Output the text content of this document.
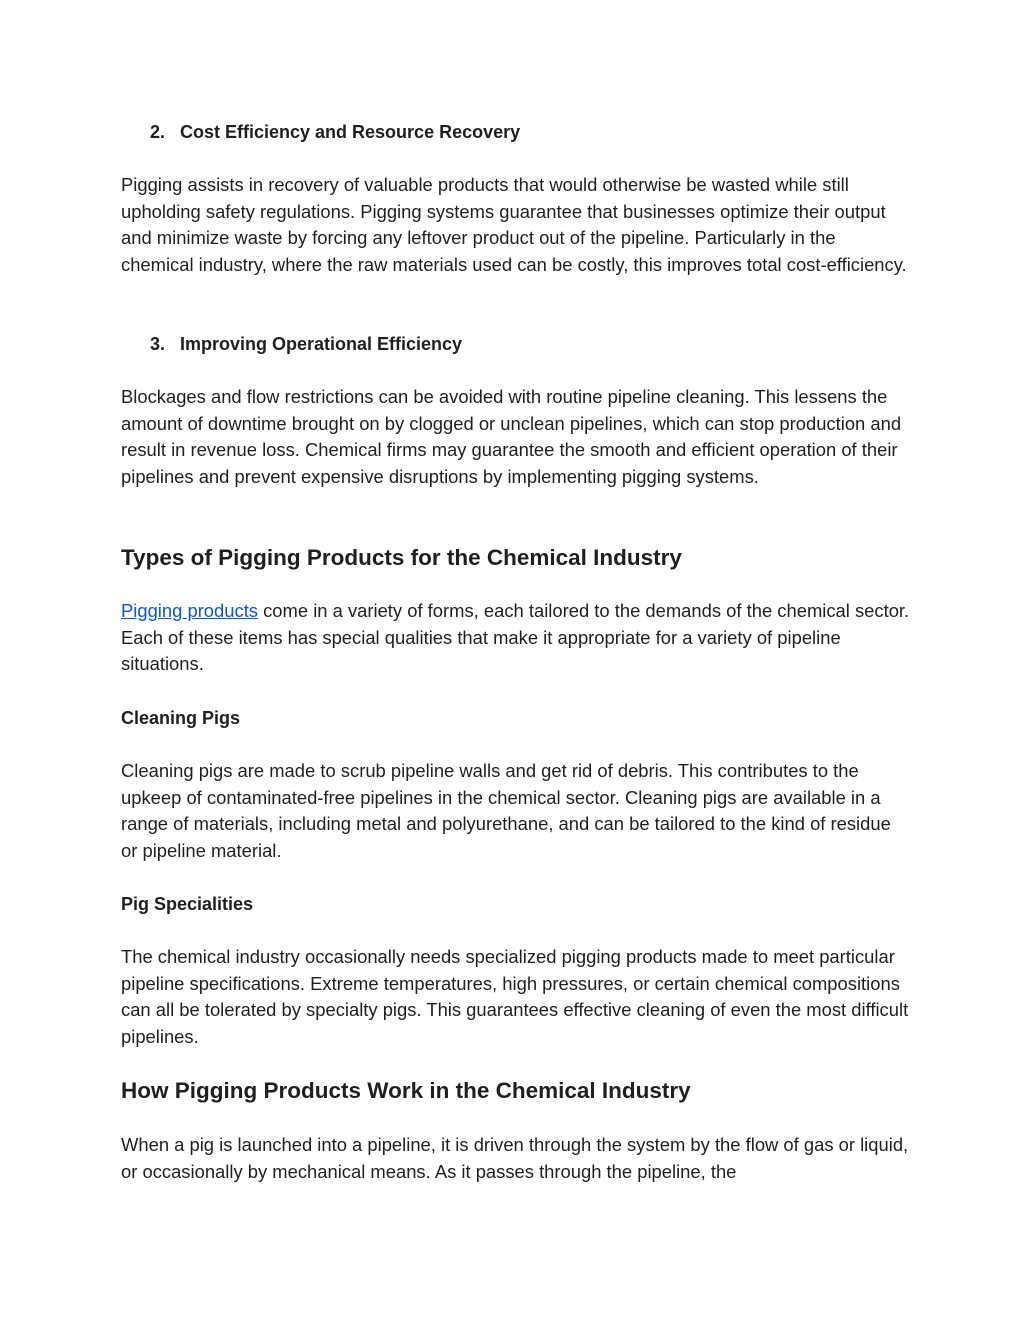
2. Cost Efficiency and Resource Recovery

Pigging assists in recovery of valuable products that would otherwise be wasted while still upholding safety regulations. Pigging systems guarantee that businesses optimize their output and minimize waste by forcing any leftover product out of the pipeline. Particularly in the chemical industry, where the raw materials used can be costly, this improves total cost-efficiency.

3. Improving Operational Efficiency

Blockages and flow restrictions can be avoided with routine pipeline cleaning. This lessens the amount of downtime brought on by clogged or unclean pipelines, which can stop production and result in revenue loss. Chemical firms may guarantee the smooth and efficient operation of their pipelines and prevent expensive disruptions by implementing pigging systems.

Types of Pigging Products for the Chemical Industry

Pigging products come in a variety of forms, each tailored to the demands of the chemical sector. Each of these items has special qualities that make it appropriate for a variety of pipeline situations.

Cleaning Pigs

Cleaning pigs are made to scrub pipeline walls and get rid of debris. This contributes to the upkeep of contaminated-free pipelines in the chemical sector. Cleaning pigs are available in a range of materials, including metal and polyurethane, and can be tailored to the kind of residue or pipeline material.

Pig Specialities

The chemical industry occasionally needs specialized pigging products made to meet particular pipeline specifications. Extreme temperatures, high pressures, or certain chemical compositions can all be tolerated by specialty pigs. This guarantees effective cleaning of even the most difficult pipelines.

How Pigging Products Work in the Chemical Industry

When a pig is launched into a pipeline, it is driven through the system by the flow of gas or liquid, or occasionally by mechanical means. As it passes through the pipeline, the
